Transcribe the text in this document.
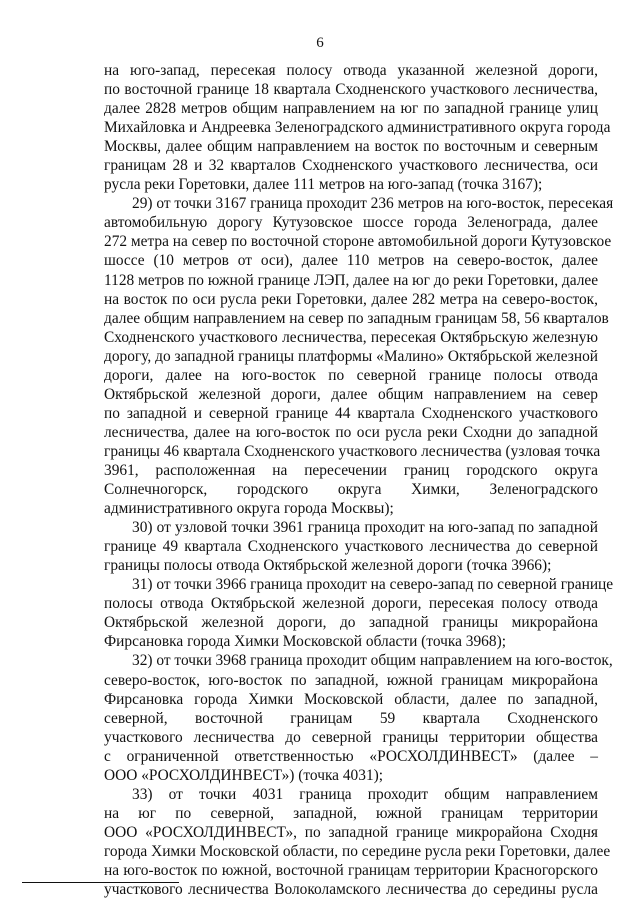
6
на юго-запад, пересекая полосу отвода указанной железной дороги,
по восточной границе 18 квартала Сходненского участкового лесничества,
далее 2828 метров общим направлением на юг по западной границе улиц
Михайловка и Андреевка Зеленоградского административного округа города
Москвы, далее общим направлением на восток по восточным и северным
границам 28 и 32 кварталов Сходненского участкового лесничества, оси
русла реки Горетовки, далее 111 метров на юго-запад (точка 3167);
29) от точки 3167 граница проходит 236 метров на юго-восток, пересекая
автомобильную дорогу Кутузовское шоссе города Зеленограда, далее
272 метра на север по восточной стороне автомобильной дороги Кутузовское
шоссе (10 метров от оси), далее 110 метров на северо-восток, далее
1128 метров по южной границе ЛЭП, далее на юг до реки Горетовки, далее
на восток по оси русла реки Горетовки, далее 282 метра на северо-восток,
далее общим направлением на север по западным границам 58, 56 кварталов
Сходненского участкового лесничества, пересекая Октябрьскую железную
дорогу, до западной границы платформы «Малино» Октябрьской железной
дороги, далее на юго-восток по северной границе полосы отвода
Октябрьской железной дороги, далее общим направлением на север
по западной и северной границе 44 квартала Сходненского участкового
лесничества, далее на юго-восток по оси русла реки Сходни до западной
границы 46 квартала Сходненского участкового лесничества (узловая точка
3961, расположенная на пересечении границ городского округа
Солнечногорск, городского округа Химки, Зеленоградского
административного округа города Москвы);
30) от узловой точки 3961 граница проходит на юго-запад по западной
границе 49 квартала Сходненского участкового лесничества до северной
границы полосы отвода Октябрьской железной дороги (точка 3966);
31) от точки 3966 граница проходит на северо-запад по северной границе
полосы отвода Октябрьской железной дороги, пересекая полосу отвода
Октябрьской железной дороги, до западной границы микрорайона
Фирсановка города Химки Московской области (точка 3968);
32) от точки 3968 граница проходит общим направлением на юго-восток,
северо-восток, юго-восток по западной, южной границам микрорайона
Фирсановка города Химки Московской области, далее по западной,
северной, восточной границам 59 квартала Сходненского
участкового лесничества до северной границы территории общества
с ограниченной ответственностью «РОСХОЛДИНВЕСТ» (далее –
ООО «РОСХОЛДИНВЕСТ») (точка 4031);
33) от точки 4031 граница проходит общим направлением
на юг по северной, западной, южной границам территории
ООО «РОСХОЛДИНВЕСТ», по западной границе микрорайона Сходня
города Химки Московской области, по середине русла реки Горетовки, далее
на юго-восток по южной, восточной границам территории Красногорского
участкового лесничества Волоколамского лесничества до середины русла
